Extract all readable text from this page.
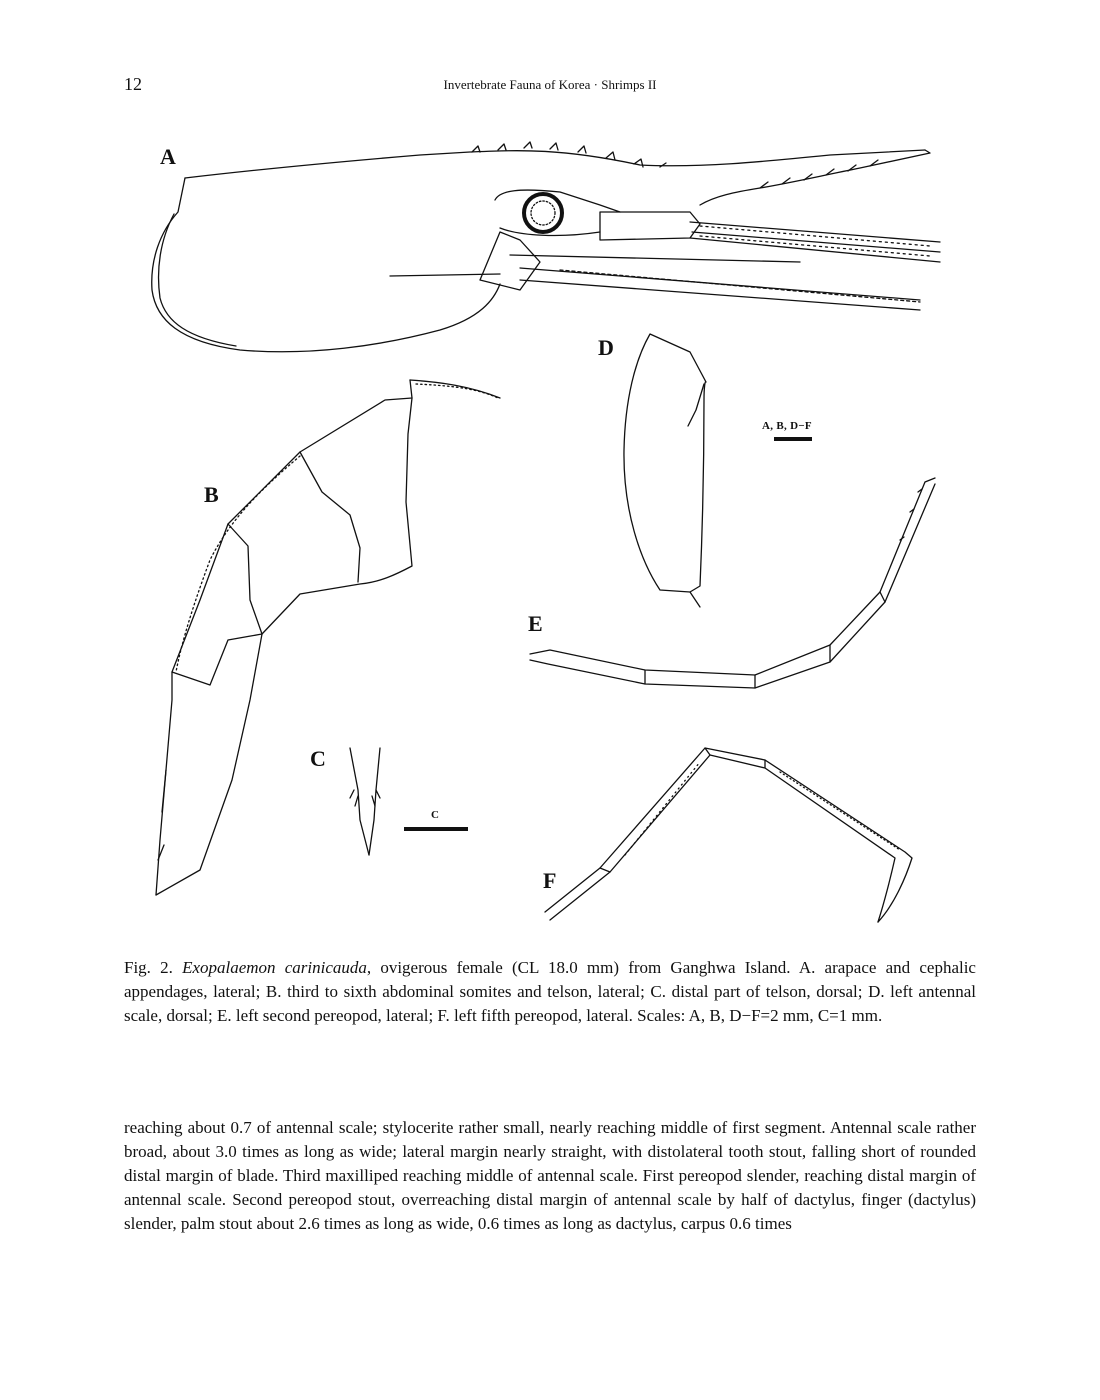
12	Invertebrate Fauna of Korea · Shrimps II
A
B
C
D
E
F
A, B, D−F
C

Fig. 2. Exopalaemon carinicauda, ovigerous female (CL 18.0 mm) from Ganghwa Island. A. arapace and cephalic appendages, lateral; B. third to sixth abdominal somites and telson, lateral; C. distal part of telson, dorsal; D. left antennal scale, dorsal; E. left second pereopod, lateral; F. left fifth pereopod, lateral. Scales: A, B, D−F=2 mm, C=1 mm.

reaching about 0.7 of antennal scale; stylocerite rather small, nearly reaching middle of first segment. Antennal scale rather broad, about 3.0 times as long as wide; lateral margin nearly straight, with distolateral tooth stout, falling short of rounded distal margin of blade. Third maxilliped reaching middle of antennal scale. First pereopod slender, reaching distal margin of antennal scale. Second pereopod stout, overreaching distal margin of antennal scale by half of dactylus, finger (dactylus) slender, palm stout about 2.6 times as long as wide, 0.6 times as long as dactylus, carpus 0.6 times
